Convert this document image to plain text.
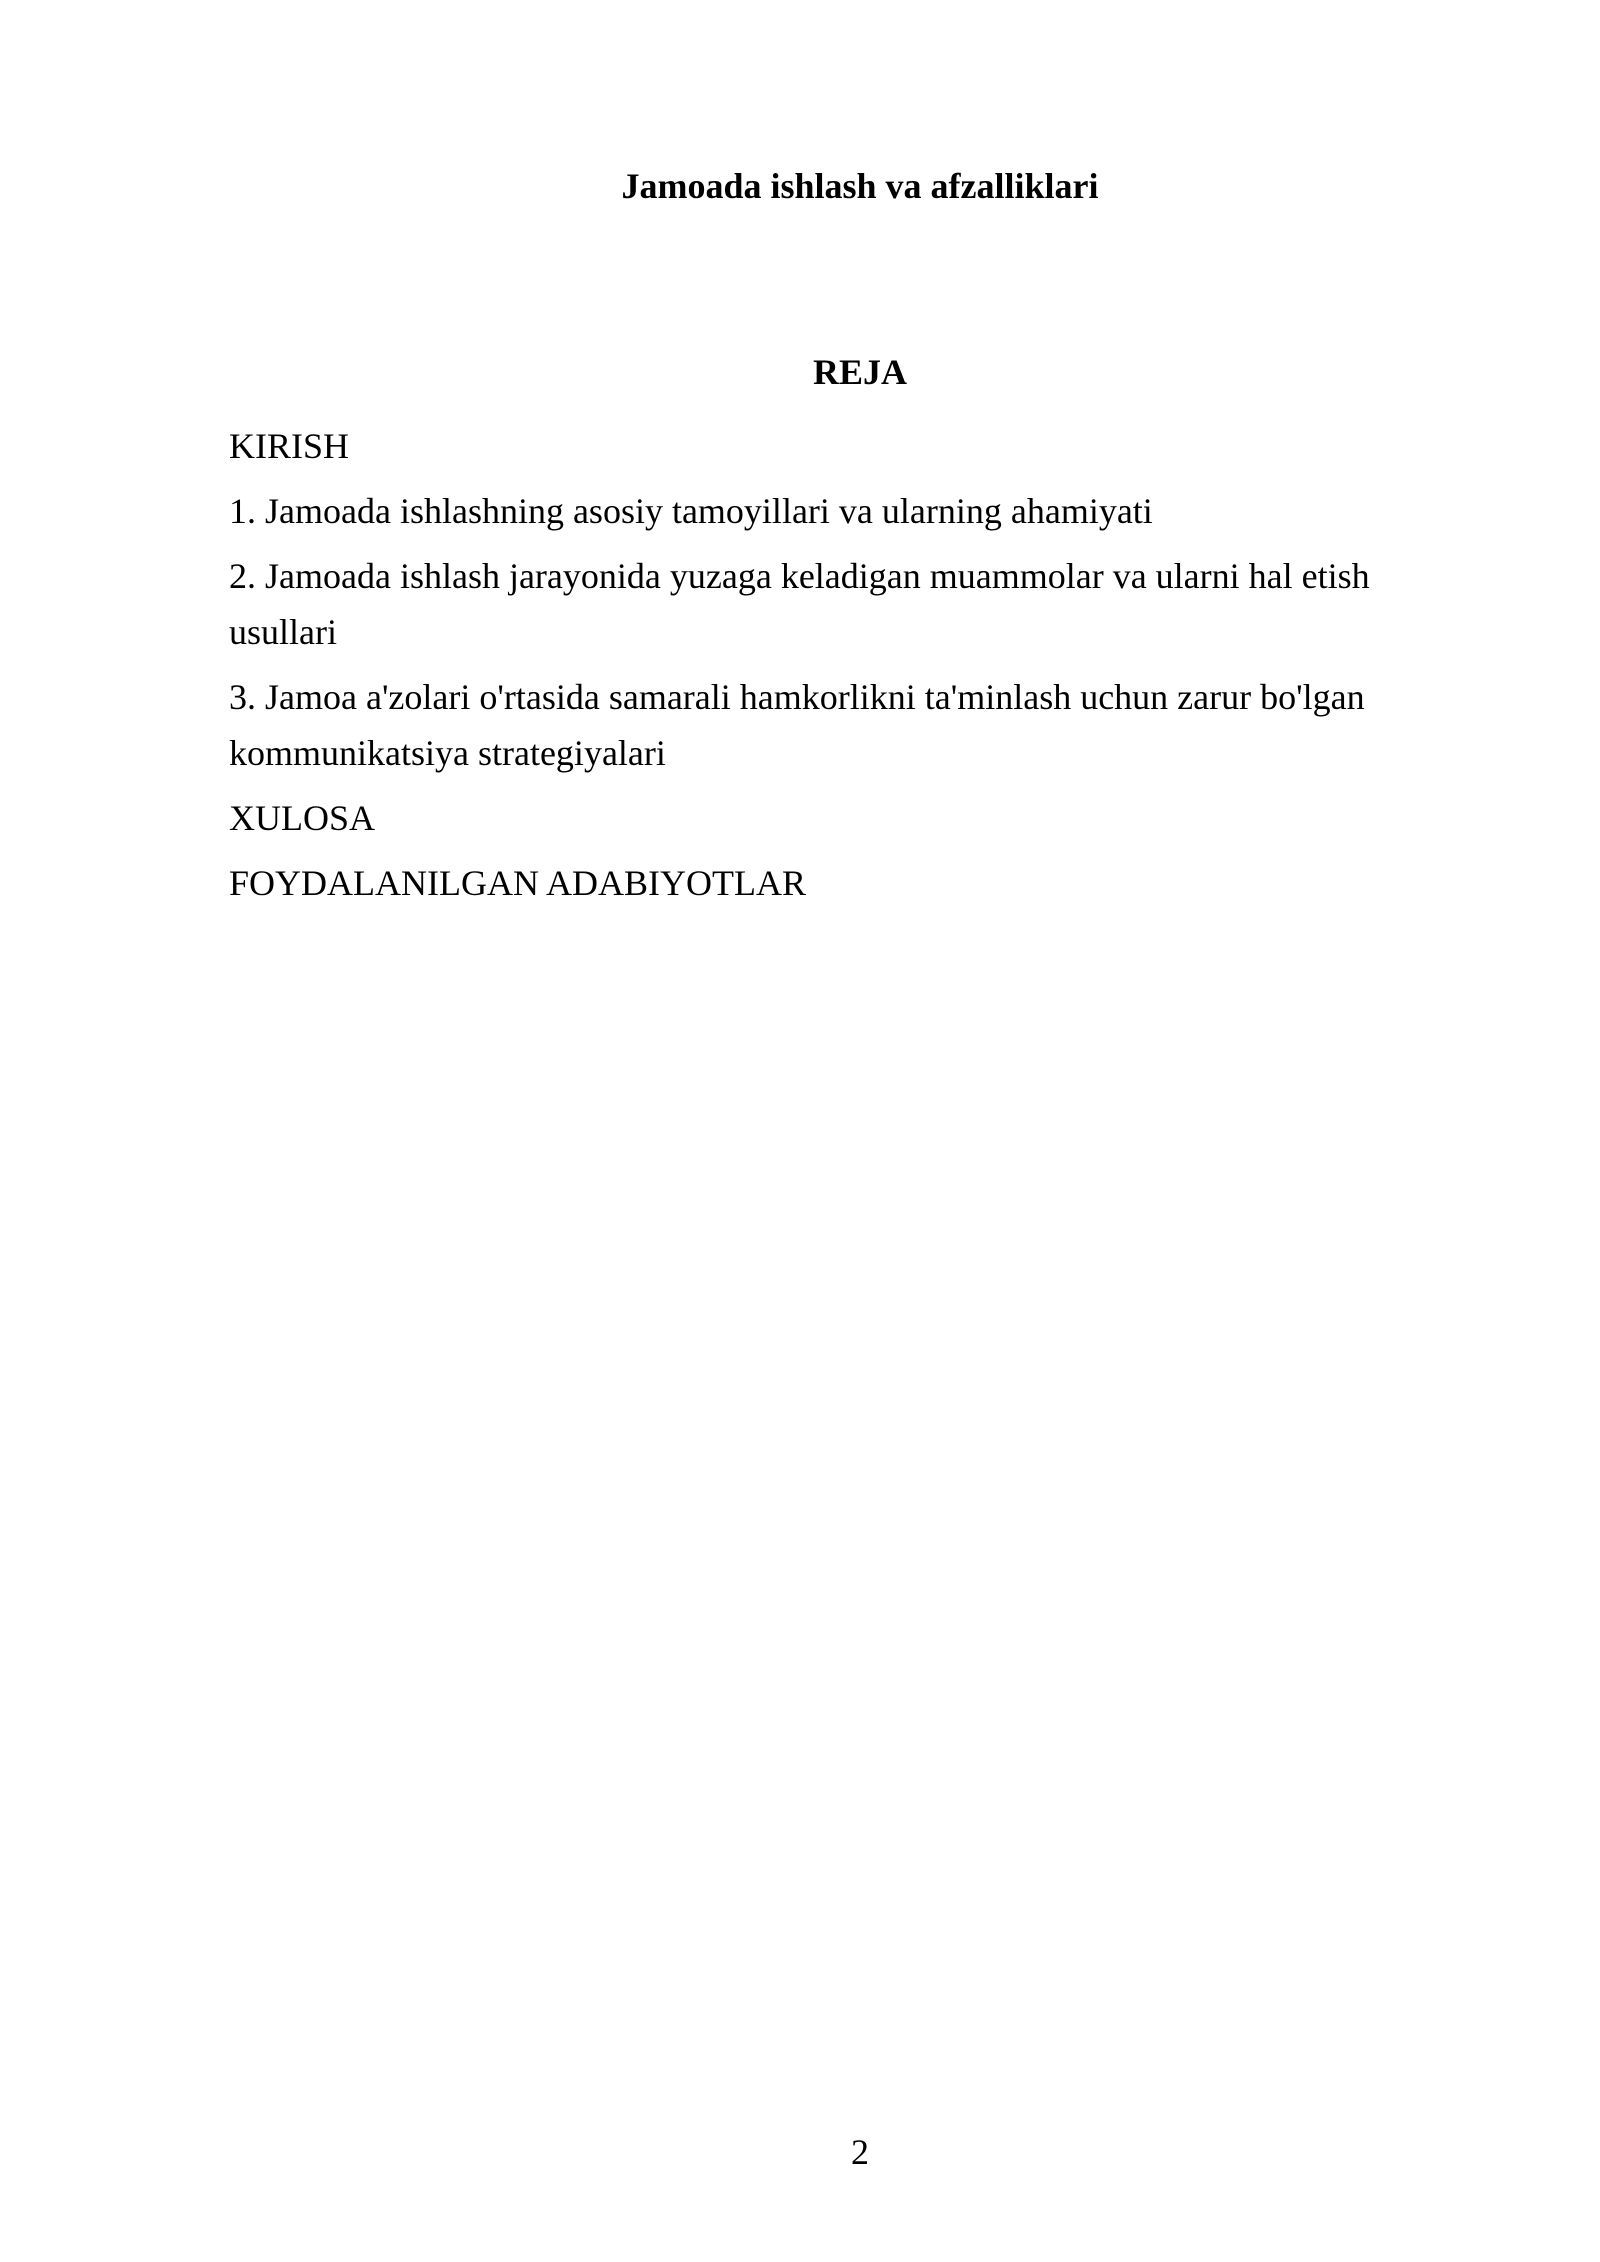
Jamoada ishlash va afzalliklari
REJA
KIRISH
1. Jamoada ishlashning asosiy tamoyillari va ularning ahamiyati
2. Jamoada ishlash jarayonida yuzaga keladigan muammolar va ularni hal etish usullari
3. Jamoa a'zolari o'rtasida samarali hamkorlikni ta'minlash uchun zarur bo'lgan kommunikatsiya strategiyalari
XULOSA
FOYDALANILGAN ADABIYOTLAR
2
